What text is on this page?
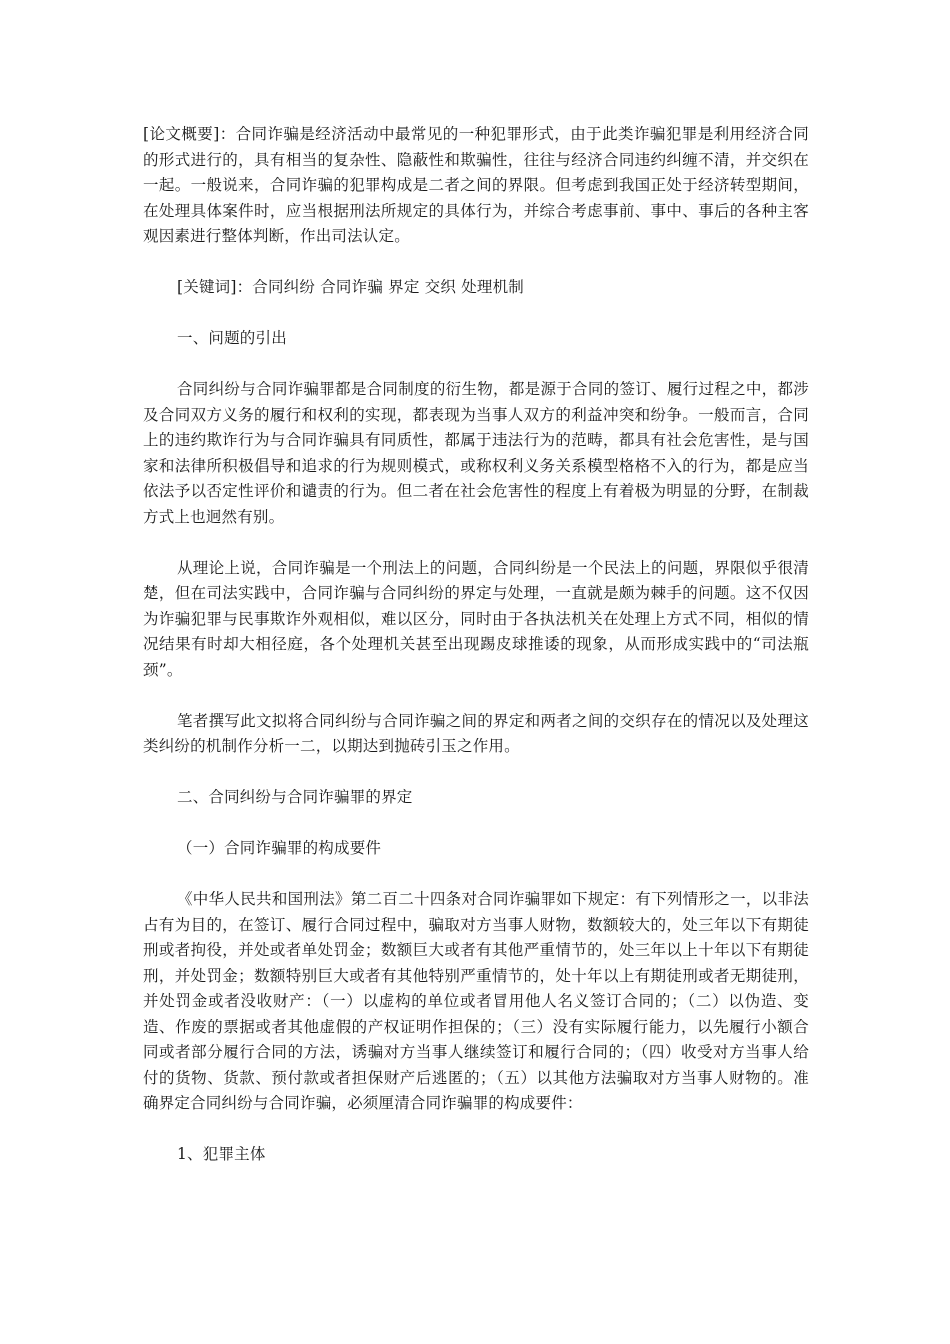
[论文概要]：合同诈骗是经济活动中最常见的一种犯罪形式，由于此类诈骗犯罪是利用经济合同的形式进行的，具有相当的复杂性、隐蔽性和欺骗性，往往与经济合同违约纠缠不清，并交织在一起。一般说来，合同诈骗的犯罪构成是二者之间的界限。但考虑到我国正处于经济转型期间，在处理具体案件时，应当根据刑法所规定的具体行为，并综合考虑事前、事中、事后的各种主客观因素进行整体判断，作出司法认定。

[关键词]：合同纠纷 合同诈骗 界定 交织 处理机制

一、问题的引出

合同纠纷与合同诈骗罪都是合同制度的衍生物，都是源于合同的签订、履行过程之中，都涉及合同双方义务的履行和权利的实现，都表现为当事人双方的利益冲突和纷争。一般而言，合同上的违约欺诈行为与合同诈骗具有同质性，都属于违法行为的范畴，都具有社会危害性，是与国家和法律所积极倡导和追求的行为规则模式，或称权利义务关系模型格格不入的行为，都是应当依法予以否定性评价和谴责的行为。但二者在社会危害性的程度上有着极为明显的分野，在制裁方式上也迥然有别。

从理论上说，合同诈骗是一个刑法上的问题，合同纠纷是一个民法上的问题，界限似乎很清楚，但在司法实践中，合同诈骗与合同纠纷的界定与处理，一直就是颇为棘手的问题。这不仅因为诈骗犯罪与民事欺诈外观相似，难以区分，同时由于各执法机关在处理上方式不同，相似的情况结果有时却大相径庭，各个处理机关甚至出现踢皮球推诿的现象，从而形成实践中的“司法瓶颈”。

笔者撰写此文拟将合同纠纷与合同诈骗之间的界定和两者之间的交织存在的情况以及处理这类纠纷的机制作分析一二，以期达到抛砖引玉之作用。

二、合同纠纷与合同诈骗罪的界定

（一）合同诈骗罪的构成要件

《中华人民共和国刑法》第二百二十四条对合同诈骗罪如下规定：有下列情形之一，以非法占有为目的，在签订、履行合同过程中，骗取对方当事人财物，数额较大的，处三年以下有期徒刑或者拘役，并处或者单处罚金；数额巨大或者有其他严重情节的，处三年以上十年以下有期徒刑，并处罚金；数额特别巨大或者有其他特别严重情节的，处十年以上有期徒刑或者无期徒刑，并处罚金或者没收财产：（一）以虚构的单位或者冒用他人名义签订合同的；（二）以伪造、变造、作废的票据或者其他虚假的产权证明作担保的；（三）没有实际履行能力，以先履行小额合同或者部分履行合同的方法，诱骗对方当事人继续签订和履行合同的；（四）收受对方当事人给付的货物、货款、预付款或者担保财产后逃匿的；（五）以其他方法骗取对方当事人财物的。准确界定合同纠纷与合同诈骗，必须厘清合同诈骗罪的构成要件：

1、犯罪主体
